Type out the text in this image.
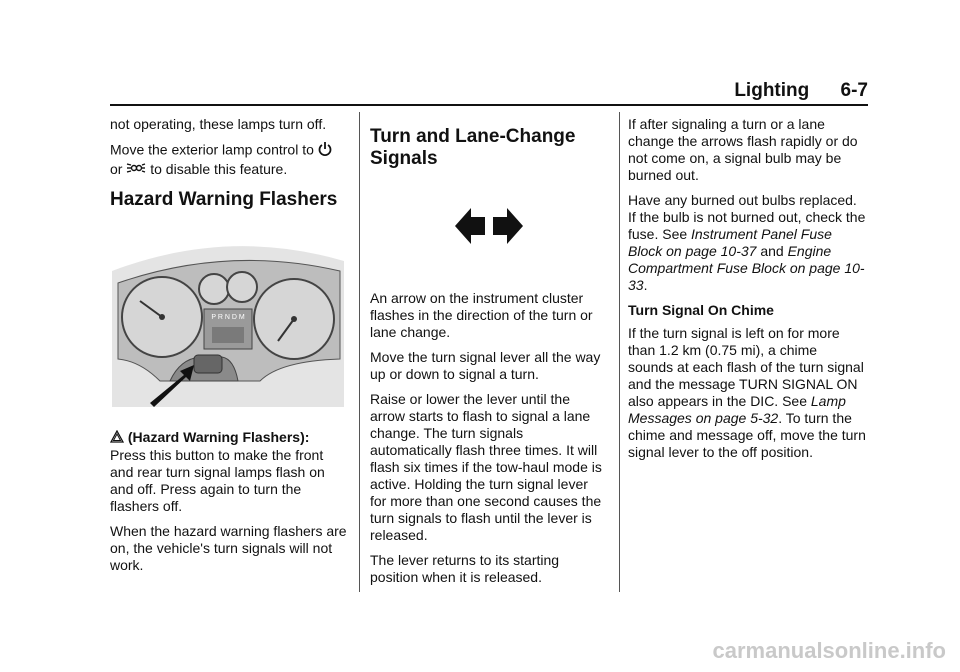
Lighting 6-7

not operating, these lamps turn off.

Move the exterior lamp control to
or to disable this feature.

Hazard Warning Flashers
P R N D M

(Hazard Warning Flashers):
Press this button to make the front and rear turn signal lamps flash on and off. Press again to turn the flashers off.

When the hazard warning flashers are on, the vehicle's turn signals will not work.

Turn and Lane-Change Signals

An arrow on the instrument cluster flashes in the direction of the turn or lane change.

Move the turn signal lever all the way up or down to signal a turn.

Raise or lower the lever until the arrow starts to flash to signal a lane change. The turn signals automatically flash three times. It will flash six times if the tow-haul mode is active. Holding the turn signal lever for more than one second causes the turn signals to flash until the lever is released.

The lever returns to its starting position when it is released.

If after signaling a turn or a lane change the arrows flash rapidly or do not come on, a signal bulb may be burned out.

Have any burned out bulbs replaced. If the bulb is not burned out, check the fuse. See Instrument Panel Fuse Block on page 10-37 and Engine Compartment Fuse Block on page 10-33.

Turn Signal On Chime

If the turn signal is left on for more than 1.2 km (0.75 mi), a chime sounds at each flash of the turn signal and the message TURN SIGNAL ON also appears in the DIC. See Lamp Messages on page 5-32. To turn the chime and message off, move the turn signal lever to the off position.

carmanualsonline.info
